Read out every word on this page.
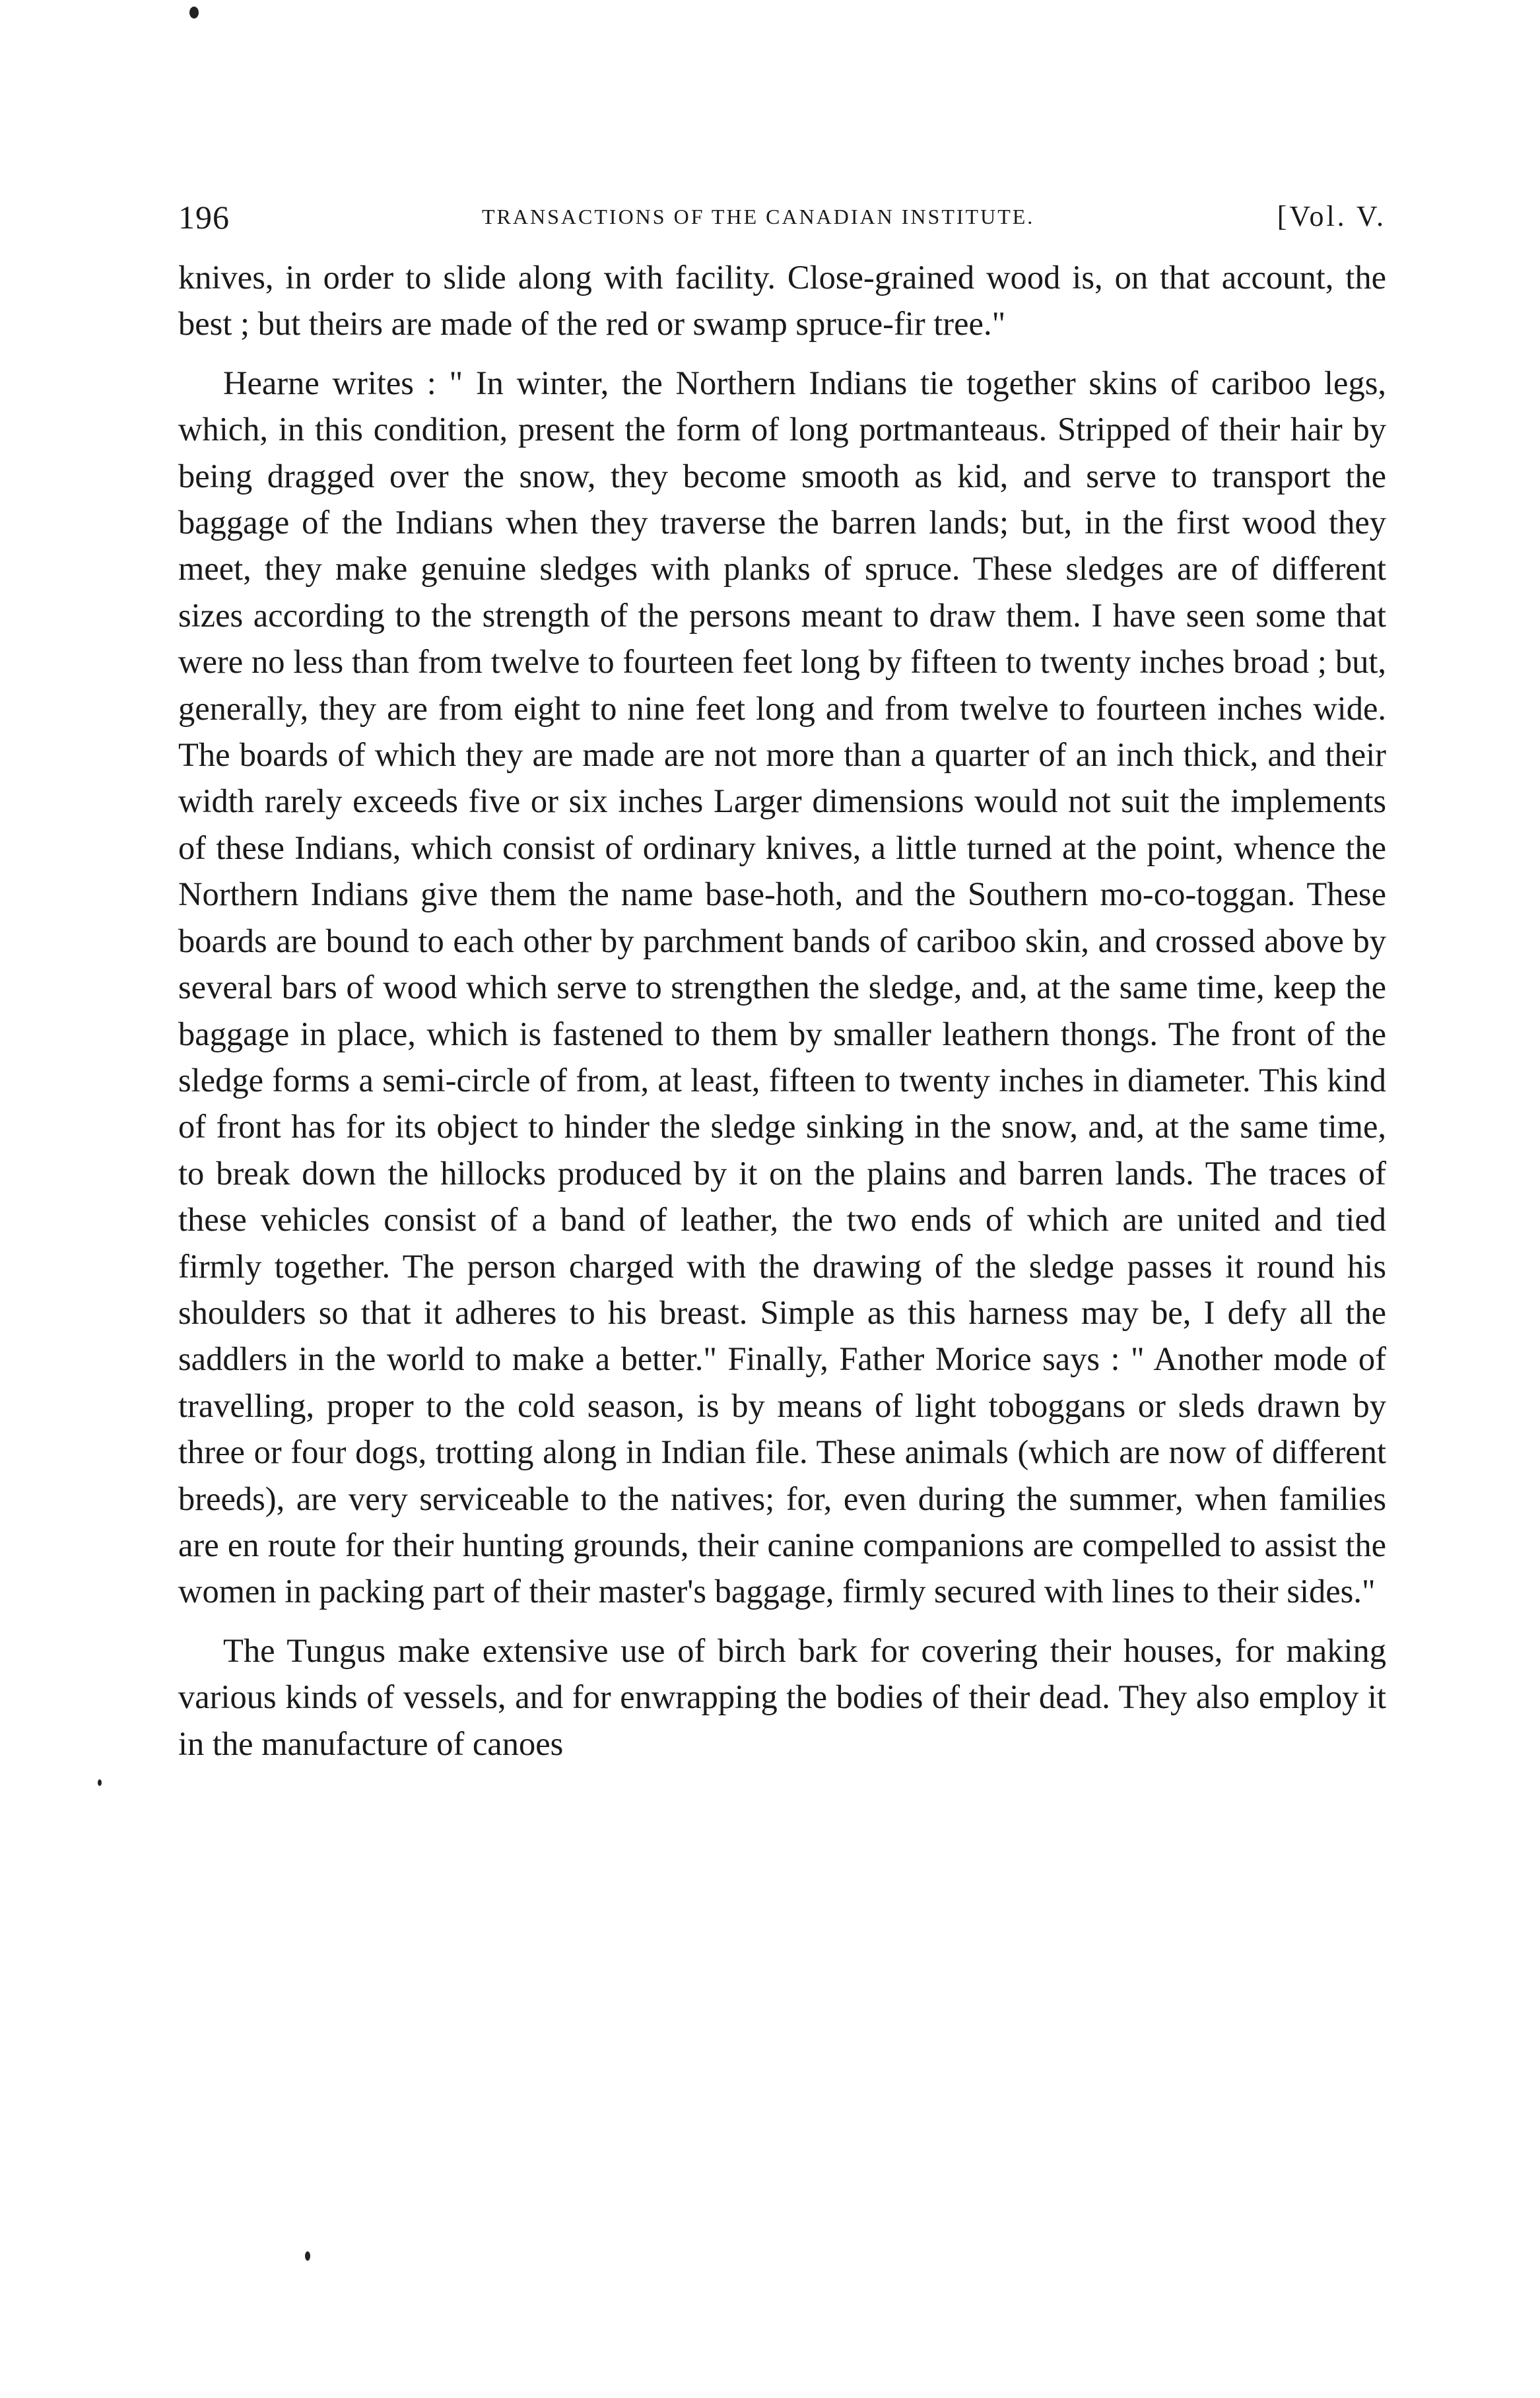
196	TRANSACTIONS OF THE CANADIAN INSTITUTE.	[Vol. V.

knives, in order to slide along with facility. Close-grained wood is, on that account, the best ; but theirs are made of the red or swamp spruce-fir tree."

Hearne writes : " In winter, the Northern Indians tie together skins of cariboo legs, which, in this condition, present the form of long portmanteaus. Stripped of their hair by being dragged over the snow, they become smooth as kid, and serve to transport the baggage of the Indians when they traverse the barren lands; but, in the first wood they meet, they make genuine sledges with planks of spruce. These sledges are of different sizes according to the strength of the persons meant to draw them. I have seen some that were no less than from twelve to fourteen feet long by fifteen to twenty inches broad ; but, generally, they are from eight to nine feet long and from twelve to fourteen inches wide. The boards of which they are made are not more than a quarter of an inch thick, and their width rarely exceeds five or six inches Larger dimensions would not suit the implements of these Indians, which consist of ordinary knives, a little turned at the point, whence the Northern Indians give them the name base-hoth, and the Southern mo-co-toggan. These boards are bound to each other by parchment bands of cariboo skin, and crossed above by several bars of wood which serve to strengthen the sledge, and, at the same time, keep the baggage in place, which is fastened to them by smaller leathern thongs. The front of the sledge forms a semi-circle of from, at least, fifteen to twenty inches in diameter. This kind of front has for its object to hinder the sledge sinking in the snow, and, at the same time, to break down the hillocks produced by it on the plains and barren lands. The traces of these vehicles consist of a band of leather, the two ends of which are united and tied firmly together. The person charged with the drawing of the sledge passes it round his shoulders so that it adheres to his breast. Simple as this harness may be, I defy all the saddlers in the world to make a better." Finally, Father Morice says : " Another mode of travelling, proper to the cold season, is by means of light toboggans or sleds drawn by three or four dogs, trotting along in Indian file. These animals (which are now of different breeds), are very serviceable to the natives; for, even during the summer, when families are en route for their hunting grounds, their canine companions are compelled to assist the women in packing part of their master's baggage, firmly secured with lines to their sides."

The Tungus make extensive use of birch bark for covering their houses, for making various kinds of vessels, and for enwrapping the bodies of their dead. They also employ it in the manufacture of canoes
